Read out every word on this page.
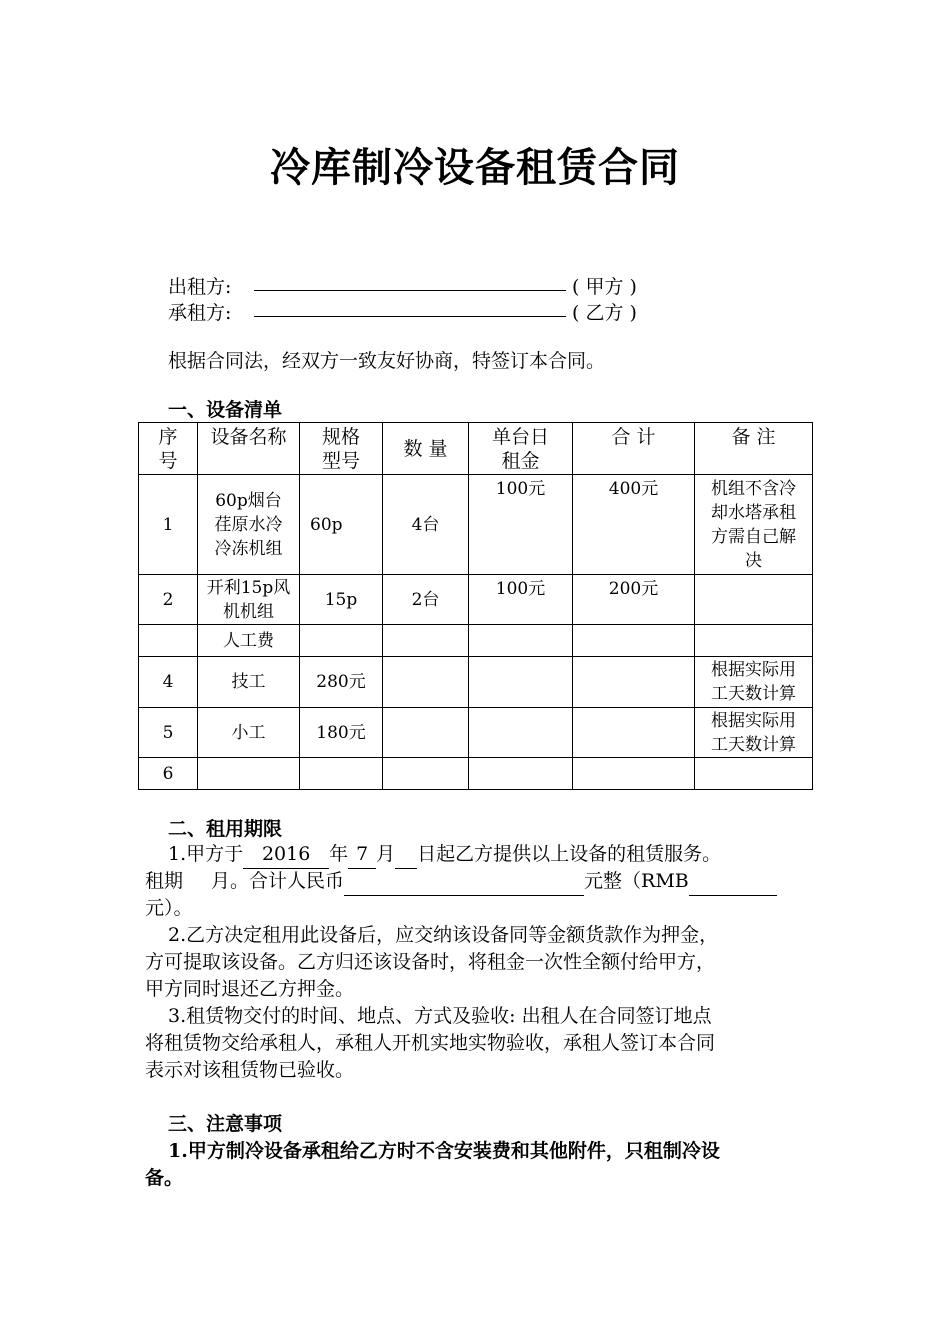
冷库制冷设备租赁合同
出租方:	( 甲方 )
承租方:	( 乙方 )
根据合同法，经双方一致友好协商，特签订本合同。
一、设备清单
序号	设备名称	规格型号	数 量	单台日租金	合 计	备 注
1	60p烟台荏原水冷冷冻机组	60p	4台	100元	400元	机组不含冷却水塔承租方需自己解决

2	开利15p风机机组	15p	2台	100元	200元	
	人工费					
4	技工	280元				根据实际用工天数计算

5	小工	180元				根据实际用工天数计算

6						
二、租用期限
1.甲方于 2016 年 7 月 日起乙方提供以上设备的租赁服务。
租期 月。合计人民币	元整（RMB
元）。
2.乙方决定租用此设备后，应交纳该设备同等金额货款作为押金，
方可提取该设备。乙方归还该设备时，将租金一次性全额付给甲方，
甲方同时退还乙方押金。
3.租赁物交付的时间、地点、方式及验收: 出租人在合同签订地点
将租赁物交给承租人，承租人开机实地实物验收，承租人签订本合同
表示对该租赁物已验收。
三、注意事项
1.甲方制冷设备承租给乙方时不含安装费和其他附件，只租制冷设
备。
